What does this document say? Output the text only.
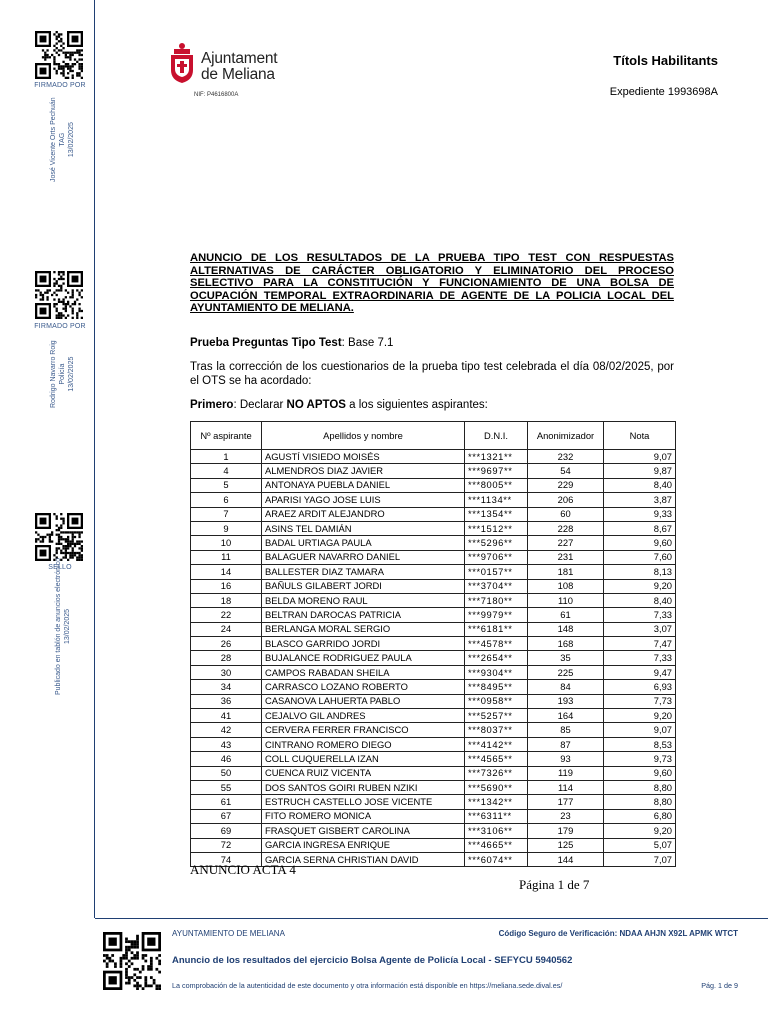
FIRMADO POR
José Vicente Orts Pechuán TAG 13/02/2025
FIRMADO POR
Rodrigo Navarro Roig Policía 13/02/2025
SELLO
Publicado en tablón de anuncios electrónico 13/02/2025
Ajuntament
de Meliana
NIF: P4616800A
Títols Habilitants
Expediente 1993698A
ANUNCIO DE LOS RESULTADOS DE LA PRUEBA TIPO TEST CON RESPUESTAS ALTERNATIVAS DE CARÁCTER OBLIGATORIO Y ELIMINATORIO DEL PROCESO SELECTIVO PARA LA CONSTITUCIÓN Y FUNCIONAMIENTO DE UNA BOLSA DE OCUPACIÓN TEMPORAL EXTRAORDINARIA DE AGENTE DE LA POLICIA LOCAL DEL AYUNTAMIENTO DE MELIANA.
Prueba Preguntas Tipo Test: Base 7.1
Tras la corrección de los cuestionarios de la prueba tipo test celebrada el día 08/02/2025, por el OTS se ha acordado:
Primero: Declarar NO APTOS a los siguientes aspirantes:
Nº aspirante	Apellidos y nombre	D.N.I.	Anonimizador	Nota
1	AGUSTÍ VISIEDO MOISÉS	***1321**	232	9,07
4	ALMENDROS DIAZ JAVIER	***9697**	54	9,87
5	ANTONAYA PUEBLA DANIEL	***8005**	229	8,40
6	APARISI YAGO JOSE LUIS	***1134**	206	3,87
7	ARAEZ ARDIT ALEJANDRO	***1354**	60	9,33
9	ASINS TEL DAMIÁN	***1512**	228	8,67
10	BADAL URTIAGA PAULA	***5296**	227	9,60
11	BALAGUER NAVARRO DANIEL	***9706**	231	7,60
14	BALLESTER DIAZ TAMARA	***0157**	181	8,13
16	BAÑULS GILABERT JORDI	***3704**	108	9,20
18	BELDA MORENO RAUL	***7180**	110	8,40
22	BELTRAN DAROCAS PATRICIA	***9979**	61	7,33
24	BERLANGA MORAL SERGIO	***6181**	148	3,07
26	BLASCO GARRIDO JORDI	***4578**	168	7,47
28	BUJALANCE RODRIGUEZ PAULA	***2654**	35	7,33
30	CAMPOS RABADAN SHEILA	***9304**	225	9,47
34	CARRASCO LOZANO ROBERTO	***8495**	84	6,93
36	CASANOVA LAHUERTA PABLO	***0958**	193	7,73
41	CEJALVO GIL ANDRES	***5257**	164	9,20
42	CERVERA FERRER FRANCISCO	***8037**	85	9,07
43	CINTRANO ROMERO DIEGO	***4142**	87	8,53
46	COLL CUQUERELLA IZAN	***4565**	93	9,73
50	CUENCA RUIZ VICENTA	***7326**	119	9,60
55	DOS SANTOS GOIRI RUBEN NZIKI	***5690**	114	8,80
61	ESTRUCH CASTELLO JOSE VICENTE	***1342**	177	8,80
67	FITO ROMERO MONICA	***6311**	23	6,80
69	FRASQUET GISBERT CAROLINA	***3106**	179	9,20
72	GARCIA INGRESA ENRIQUE	***4665**	125	5,07
74	GARCIA SERNA CHRISTIAN DAVID	***6074**	144	7,07
ANUNCIO ACTA 4
Página 1 de 7
AYUNTAMIENTO DE MELIANA	Código Seguro de Verificación: NDAA AHJN X92L APMK WTCT
Anuncio de los resultados del ejercicio Bolsa Agente de Policía Local - SEFYCU 5940562
La comprobación de la autenticidad de este documento y otra información está disponible en https://meliana.sede.dival.es/	Pág. 1 de 9
